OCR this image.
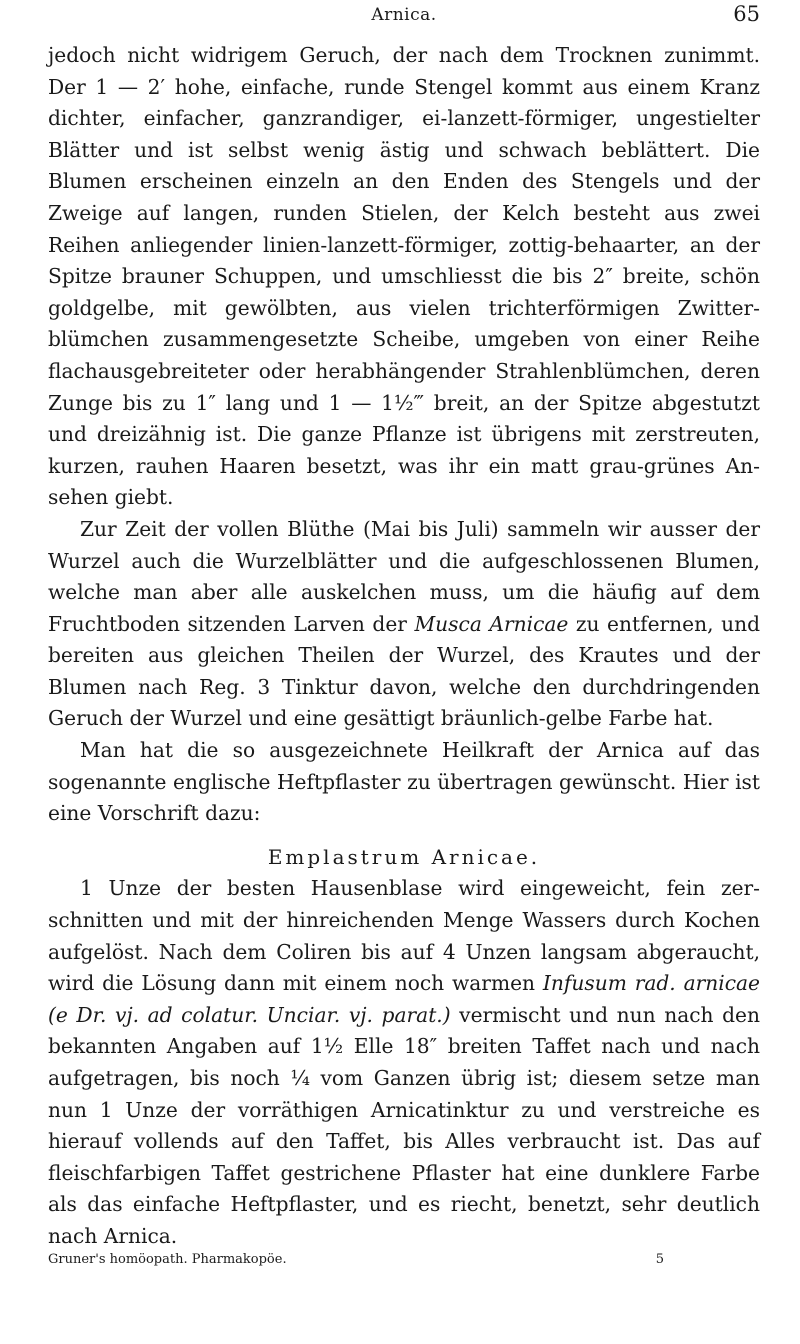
Arnica.	65

jedoch nicht widrigem Geruch, der nach dem Trocknen zunimmt. Der 1 — 2′ hohe, einfache, runde Stengel kommt aus einem Kranz dichter, einfacher, ganzrandiger, ei-lanzett-förmiger, ungestielter Blätter und ist selbst wenig ästig und schwach beblättert. Die Blumen erscheinen einzeln an den Enden des Stengels und der Zweige auf langen, runden Stielen, der Kelch besteht aus zwei Reihen anliegender linien-lanzett-förmiger, zottig-behaarter, an der Spitze brauner Schuppen, und umschliesst die bis 2″ breite, schön goldgelbe, mit gewölbten, aus vielen trichterförmigen Zwitter-blümchen zusammengesetzte Scheibe, umgeben von einer Reihe flachausgebreiteter oder herabhängender Strahlenblümchen, deren Zunge bis zu 1″ lang und 1 — 1½‴ breit, an der Spitze abgestutzt und dreizähnig ist. Die ganze Pflanze ist übrigens mit zerstreuten, kurzen, rauhen Haaren besetzt, was ihr ein matt grau-grünes An-sehen giebt.

Zur Zeit der vollen Blüthe (Mai bis Juli) sammeln wir ausser der Wurzel auch die Wurzelblätter und die aufgeschlossenen Blumen, welche man aber alle auskelchen muss, um die häufig auf dem Fruchtboden sitzenden Larven der Musca Arnicae zu entfernen, und bereiten aus gleichen Theilen der Wurzel, des Krautes und der Blumen nach Reg. 3 Tinktur davon, welche den durchdringenden Geruch der Wurzel und eine gesättigt bräunlich-gelbe Farbe hat.

Man hat die so ausgezeichnete Heilkraft der Arnica auf das sogenannte englische Heftpflaster zu übertragen gewünscht. Hier ist eine Vorschrift dazu:

Emplastrum Arnicae.

1 Unze der besten Hausenblase wird eingeweicht, fein zer-schnitten und mit der hinreichenden Menge Wassers durch Kochen aufgelöst. Nach dem Coliren bis auf 4 Unzen langsam abgeraucht, wird die Lösung dann mit einem noch warmen Infusum rad. arnicae (e Dr. vj. ad colatur. Unciar. vj. parat.) vermischt und nun nach den bekannten Angaben auf 1½ Elle 18″ breiten Taffet nach und nach aufgetragen, bis noch ¼ vom Ganzen übrig ist; diesem setze man nun 1 Unze der vorräthigen Arnicatinktur zu und verstreiche es hierauf vollends auf den Taffet, bis Alles verbraucht ist. Das auf fleischfarbigen Taffet gestrichene Pflaster hat eine dunklere Farbe als das einfache Heftpflaster, und es riecht, benetzt, sehr deutlich nach Arnica.

Gruner's homöopath. Pharmakopöe.	5
